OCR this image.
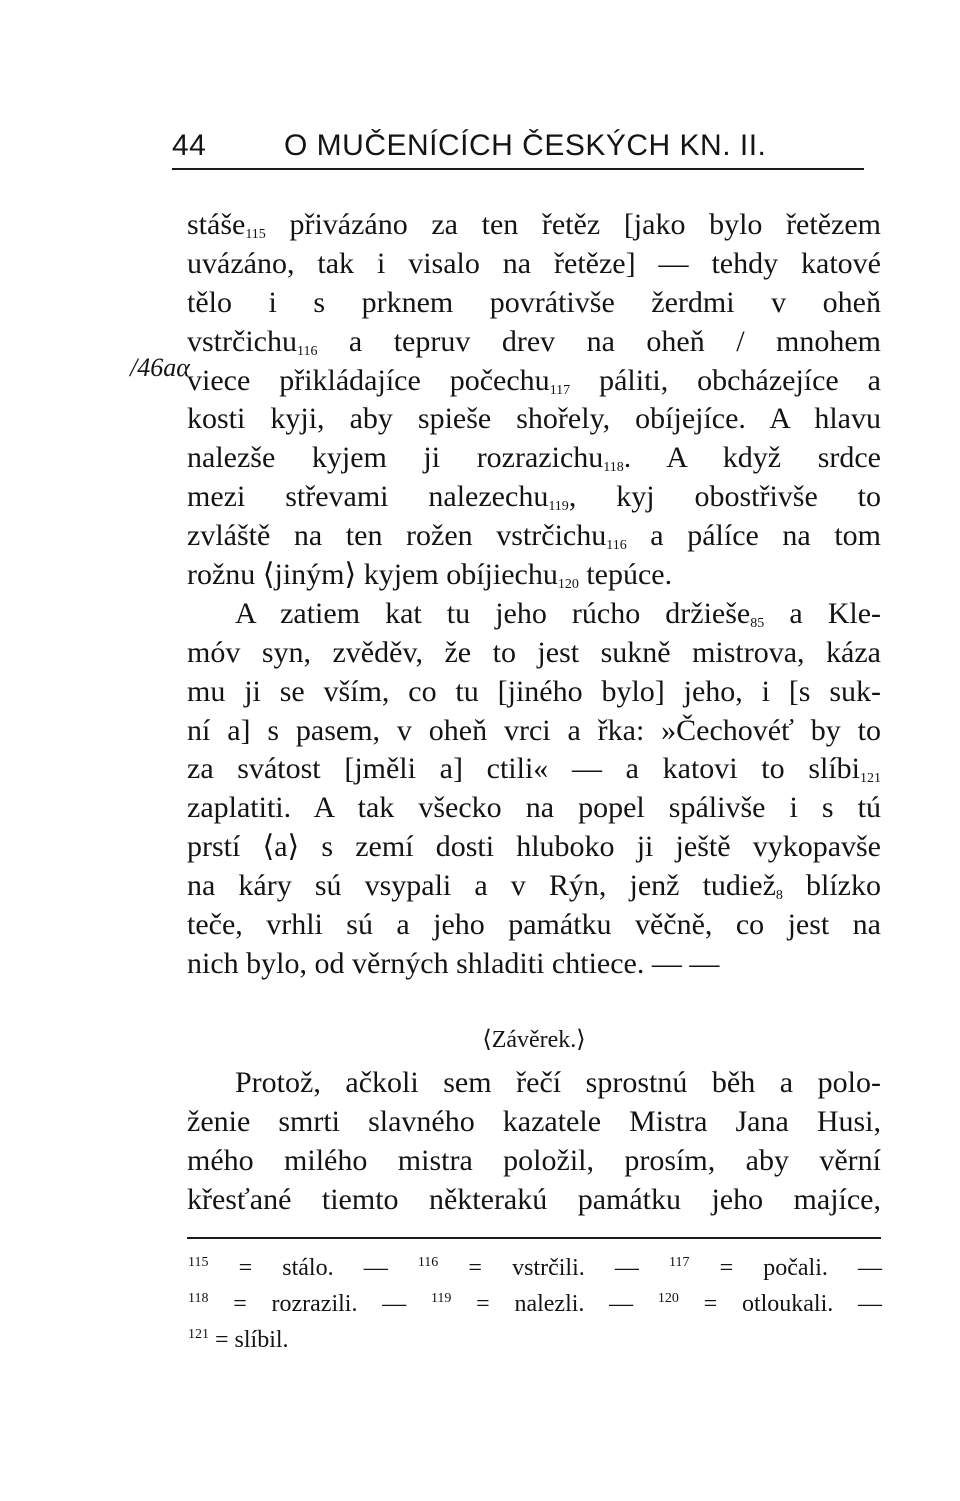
44	O MUČENÍCÍCH ČESKÝCH KN. II.
/46aα
stáše$_{115}$ přivázáno za ten řetěz [jako bylo řetězem
uvázáno, tak i visalo na řetěze] — tehdy katové
tělo i s prknem povrátivše žerdmi v oheň
vstrčichu$_{116}$ a tepruv drev na oheň / mnohem
viece přikládajíce počechu$_{117}$ páliti, obcházejíce a
kosti kyji, aby spieše shořely, obíjejíce. A hlavu
nalezše kyjem ji rozrazichu$_{118}$. A když srdce
mezi střevami nalezechu$_{119}$, kyj obostřivše to
zvláště na ten rožen vstrčichu$_{116}$ a pálíce na tom
rožnu ⟨jiným⟩ kyjem obíjiechu$_{120}$ tepúce.
A zatiem kat tu jeho rúcho držieše$_{85}$ a Kle-
móv syn, zvěděv, že to jest sukně mistrova, káza
mu ji se vším, co tu [jiného bylo] jeho, i [s suk-
ní a] s pasem, v oheň vrci a řka: »Čechovéť by to
za svátost [jměli a] ctili« — a katovi to slíbi$_{121}$
zaplatiti. A tak všecko na popel spálivše i s tú
prstí ⟨a⟩ s zemí dosti hluboko ji ještě vykopavše
na káry sú vsypali a v Rýn, jenž tudiež$_8$ blízko
teče, vrhli sú a jeho památku věčně, co jest na
nich bylo, od věrných shladiti chtiece. — —
⟨Závěrek.⟩
Protož, ačkoli sem řečí sprostnú běh a polo-
ženie smrti slavného kazatele Mistra Jana Husi,
mého milého mistra položil, prosím, aby věrní
křesťané tiemto některakú památku jeho majíce,
$^{115}$ = stálo. — $^{116}$ = vstrčili. — $^{117}$ = počali. —
$^{118}$ = rozrazili. — $^{119}$ = nalezli. — $^{120}$ = otloukali. —
$^{121}$ = slíbil.
